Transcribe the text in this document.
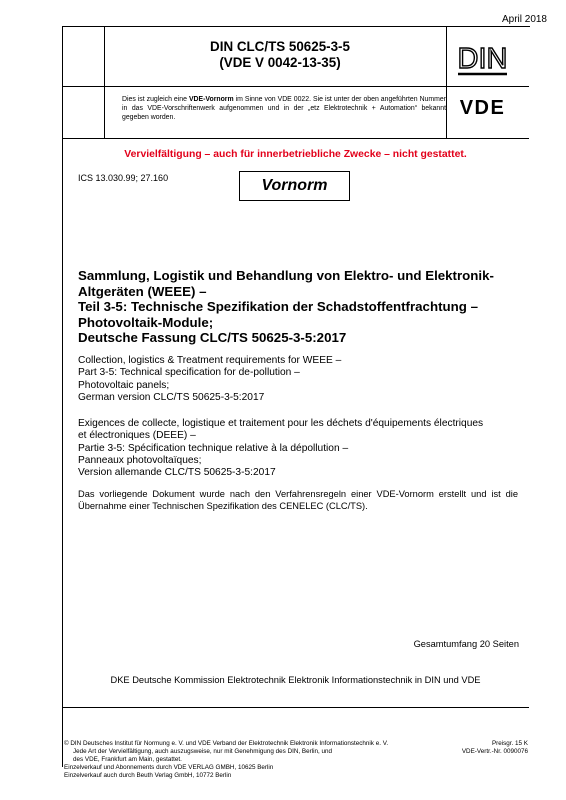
April 2018
DIN CLC/TS 50625-3-5
(VDE V 0042-13-35)	DIN
Dies ist zugleich eine VDE-Vornorm im Sinne von VDE 0022. Sie ist unter der oben angeführten Nummer in das VDE-Vorschriftenwerk aufgenommen und in der „etz Elektrotechnik + Automation“ bekannt gegeben worden.	VDE
Vervielfältigung – auch für innerbetriebliche Zwecke – nicht gestattet.
ICS 13.030.99; 27.160	Vornorm
Sammlung, Logistik und Behandlung von Elektro- und Elektronik-
Altgeräten (WEEE) –
Teil 3-5: Technische Spezifikation der Schadstoffentfrachtung –
Photovoltaik-Module;
Deutsche Fassung CLC/TS 50625-3-5:2017
Collection, logistics & Treatment requirements for WEEE –
Part 3-5: Technical specification for de-pollution –
Photovoltaic panels;
German version CLC/TS 50625-3-5:2017
Exigences de collecte, logistique et traitement pour les déchets d'équipements électriques
et électroniques (DEEE) –
Partie 3-5: Spécification technique relative à la dépollution –
Panneaux photovoltaïques;
Version allemande CLC/TS 50625-3-5:2017
Das vorliegende Dokument wurde nach den Verfahrensregeln einer VDE-Vornorm erstellt und ist die Übernahme einer Technischen Spezifikation des CENELEC (CLC/TS).
Gesamtumfang 20 Seiten
DKE Deutsche Kommission Elektrotechnik Elektronik Informationstechnik in DIN und VDE
© DIN Deutsches Institut für Normung e. V. und VDE Verband der Elektrotechnik Elektronik Informationstechnik e. V.
Jede Art der Vervielfältigung, auch auszugsweise, nur mit Genehmigung des DIN, Berlin, und
des VDE, Frankfurt am Main, gestattet.
Einzelverkauf und Abonnements durch VDE VERLAG GMBH, 10625 Berlin
Einzelverkauf auch durch Beuth Verlag GmbH, 10772 Berlin
Preisgr. 15 K
VDE-Vertr.-Nr. 0090076
